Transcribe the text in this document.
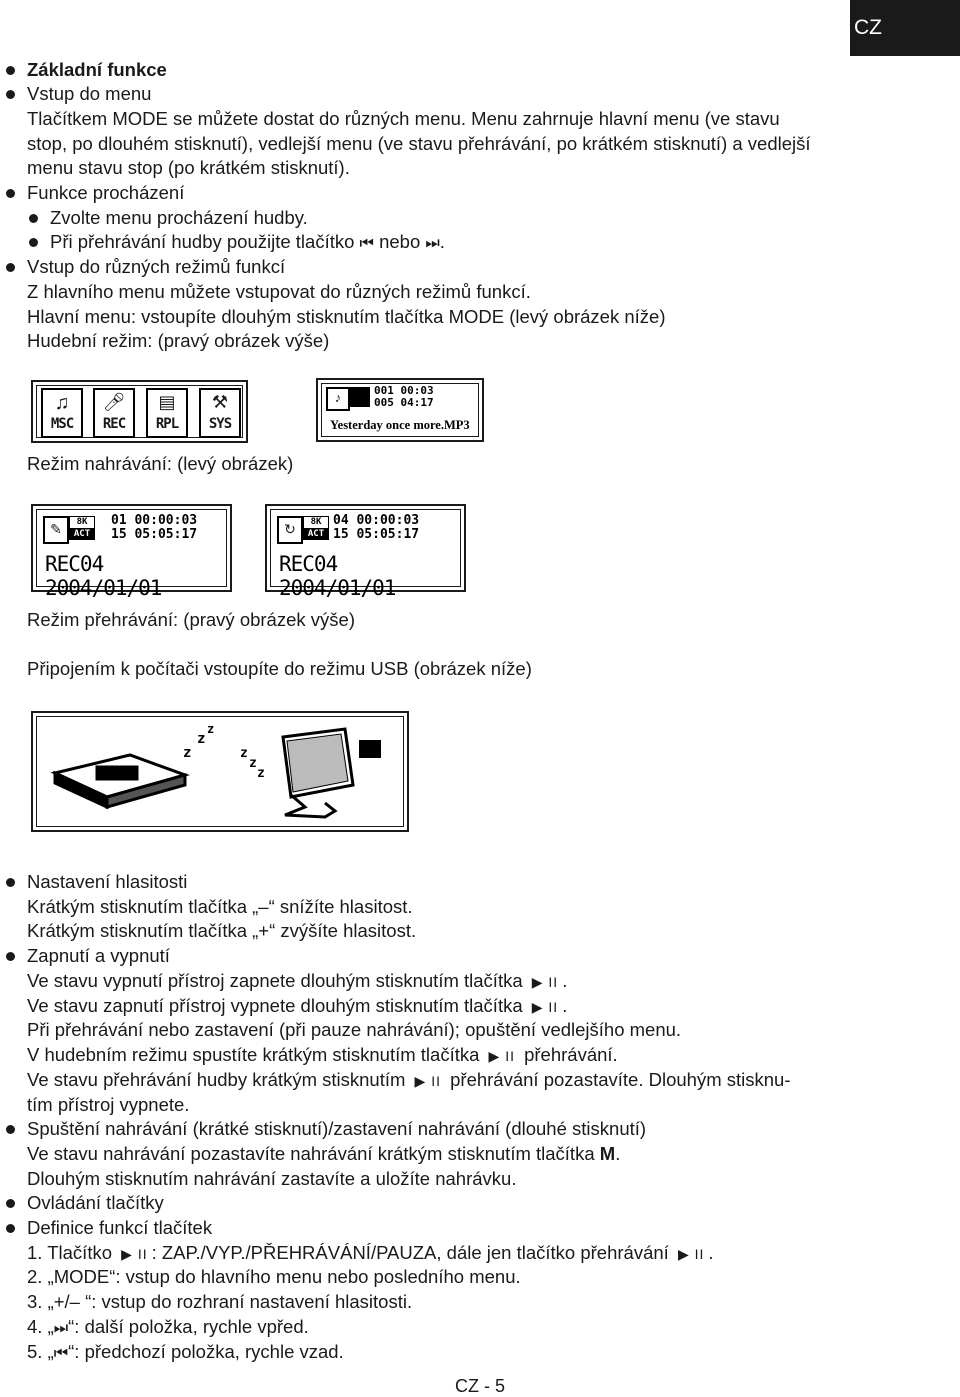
CZ
Základní funkce
Vstup do menu
Tlačítkem MODE se můžete dostat do různých menu. Menu zahrnuje hlavní menu (ve stavu
stop, po dlouhém stisknutí), vedlejší menu (ve stavu přehrávání, po krátkém stisknutí) a vedlejší
menu stavu stop (po krátkém stisknutí).
Funkce procházení
Zvolte menu procházení hudby.
Při přehrávání hudby použijte tlačítko ⏮ nebo ⏭.
Vstup do různých režimů funkcí
Z hlavního menu můžete vstupovat do různých režimů funkcí.
Hlavní menu: vstoupíte dlouhým stisknutím tlačítka MODE (levý obrázek níže)
Hudební režim: (pravý obrázek výše)
♫
MSC
🎤︎
REC
▤
RPL
⚒
SYS
♪	001 00:03
005 04:17
Yesterday once more.MP3
Režim nahrávání: (levý obrázek)
✎	8K
ACT
01 00:00:03
15 05:05:17
REC04 2004/01/01
↻	8K
ACT
04 00:00:03
15 05:05:17
REC04 2004/01/01
Režim přehrávání: (pravý obrázek výše)
Připojením k počítači vstoupíte do režimu USB (obrázek níže)
z
z
z
z
z
z
Nastavení hlasitosti
Krátkým stisknutím tlačítka „–“ snížíte hlasitost.
Krátkým stisknutím tlačítka „+“ zvýšíte hlasitost.
Zapnutí a vypnutí
Ve stavu vypnutí přístroj zapnete dlouhým stisknutím tlačítka ▶ II .
Ve stavu zapnutí přístroj vypnete dlouhým stisknutím tlačítka ▶ II .
Při přehrávání nebo zastavení (při pauze nahrávání); opuštění vedlejšího menu.
V hudebním režimu spustíte krátkým stisknutím tlačítka ▶ II přehrávání.
Ve stavu přehrávání hudby krátkým stisknutím ▶ II přehrávání pozastavíte. Dlouhým stisknu-
tím přístroj vypnete.
Spuštění nahrávání (krátké stisknutí)/zastavení nahrávání (dlouhé stisknutí)
Ve stavu nahrávání pozastavíte nahrávání krátkým stisknutím tlačítka M.
Dlouhým stisknutím nahrávání zastavíte a uložíte nahrávku.
Ovládání tlačítky
Definice funkcí tlačítek
1. Tlačítko ▶ II : ZAP./VYP./PŘEHRÁVÁNÍ/PAUZA, dále jen tlačítko přehrávání ▶ II .
2. „MODE“: vstup do hlavního menu nebo posledního menu.
3. „+/– “: vstup do rozhraní nastavení hlasitosti.
4. „⏭“: další položka, rychle vpřed.
5. „⏮“: předchozí položka, rychle vzad.
CZ - 5
